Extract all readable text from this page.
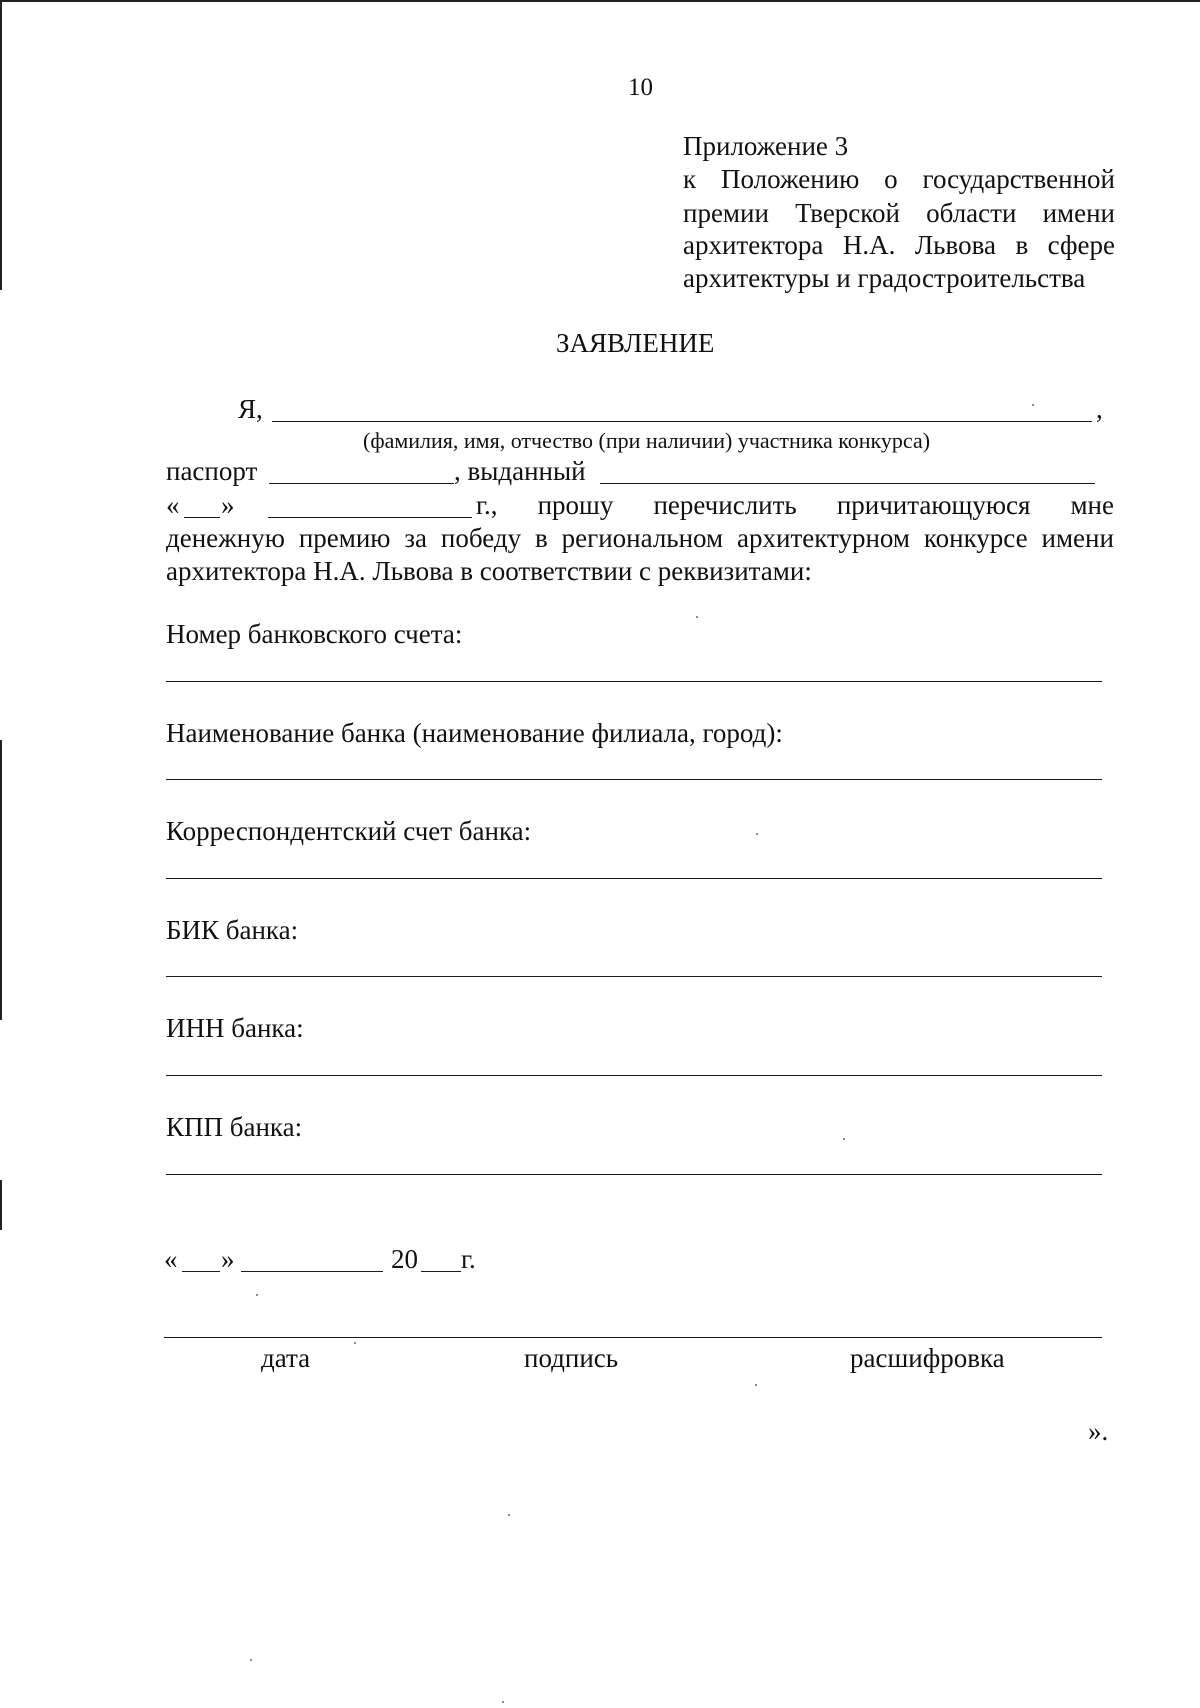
10
Приложение 3
к Положению о государственной
премии Тверской области имени
архитектора Н.А. Львова в сфере
архитектуры и градостроительства
ЗАЯВЛЕНИЕ
Я,	,
(фамилия, имя, отчество (при наличии) участника конкурса)
паспорт	, выданный
« »	г., прошу перечислить причитающуюся мне
денежную премию за победу в региональном архитектурном конкурсе имени
архитектора Н.А. Львова в соответствии с реквизитами:
Номер банковского счета:
Наименование банка (наименование филиала, город):
Корреспондентский счет банка:
БИК банка:
ИНН банка:
КПП банка:
« »	20 г.
дата	подпись	расшифровка
».
